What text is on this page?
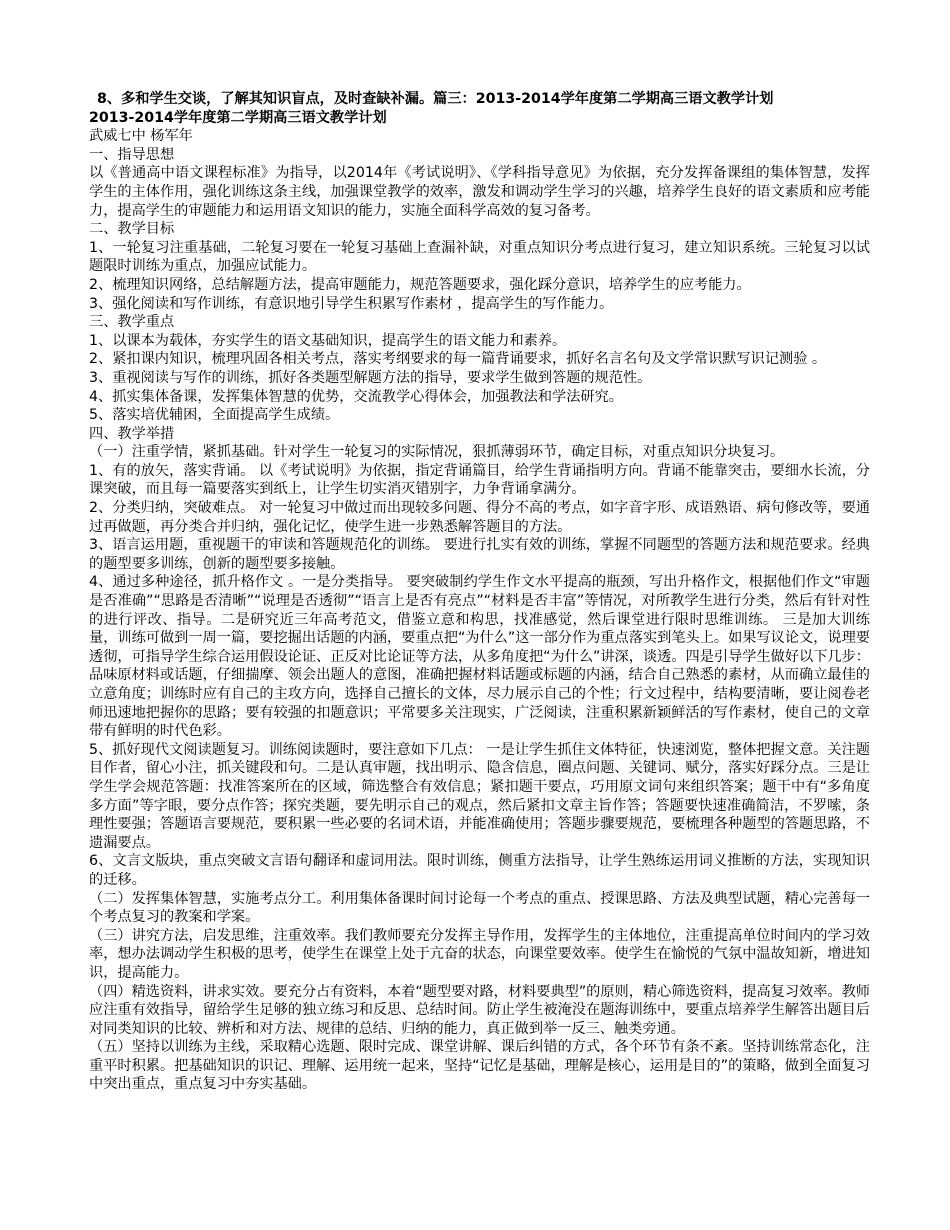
8、多和学生交谈，了解其知识盲点，及时查缺补漏。篇三：2013-2014学年度第二学期高三语文教学计划

2013-2014学年度第二学期高三语文教学计划

武威七中 杨军年

一、指导思想

以《普通高中语文课程标准》为指导，以2014年《考试说明》、《学科指导意见》为依据，充分发挥备课组的集体智慧，发挥学生的主体作用，强化训练这条主线，加强课堂教学的效率，激发和调动学生学习的兴趣，培养学生良好的语文素质和应考能力，提高学生的审题能力和运用语文知识的能力，实施全面科学高效的复习备考。

二、教学目标

1、一轮复习注重基础，二轮复习要在一轮复习基础上查漏补缺，对重点知识分考点进行复习，建立知识系统。三轮复习以试题限时训练为重点，加强应试能力。

2、梳理知识网络，总结解题方法，提高审题能力，规范答题要求，强化踩分意识，培养学生的应考能力。

3、强化阅读和写作训练，有意识地引导学生积累写作素材 ，提高学生的写作能力。

三、教学重点

1、以课本为载体，夯实学生的语文基础知识，提高学生的语文能力和素养。

2、紧扣课内知识，梳理巩固各相关考点，落实考纲要求的每一篇背诵要求，抓好名言名句及文学常识默写识记测验 。

3、重视阅读与写作的训练，抓好各类题型解题方法的指导，要求学生做到答题的规范性。

4、抓实集体备课，发挥集体智慧的优势，交流教学心得体会，加强教法和学法研究。

5、落实培优辅困，全面提高学生成绩。

四、教学举措

（一）注重学情，紧抓基础。针对学生一轮复习的实际情况，狠抓薄弱环节，确定目标，对重点知识分块复习。

1、有的放矢，落实背诵。 以《考试说明》为依据，指定背诵篇目，给学生背诵指明方向。背诵不能靠突击，要细水长流，分课突破，而且每一篇要落实到纸上，让学生切实消灭错别字，力争背诵拿满分。

2、分类归纳，突破难点。 对一轮复习中做过而出现较多问题、得分不高的考点，如字音字形、成语熟语、病句修改等，要通过再做题，再分类合并归纳，强化记忆，使学生进一步熟悉解答题目的方法。

3、语言运用题，重视题干的审读和答题规范化的训练。 要进行扎实有效的训练，掌握不同题型的答题方法和规范要求。经典的题型要多训练，创新的题型要多接触。

4、通过多种途径，抓升格作文 。一是分类指导。 要突破制约学生作文水平提高的瓶颈，写出升格作文，根据他们作文“审题是否准确”“思路是否清晰”“说理是否透彻”“语言上是否有亮点”“材料是否丰富”等情况，对所教学生进行分类，然后有针对性的进行评改、指导。二是研究近三年高考范文，借鉴立意和构思，找准感觉，然后课堂进行限时思维训练。 三是加大训练量，训练可做到一周一篇，要挖掘出话题的内涵，要重点把“为什么”这一部分作为重点落实到笔头上。如果写议论文，说理要透彻，可指导学生综合运用假设论证、正反对比论证等方法，从多角度把“为什么”讲深，谈透。四是引导学生做好以下几步：品味原材料或话题，仔细揣摩、领会出题人的意图，准确把握材料话题或标题的内涵，结合自己熟悉的素材，从而确立最佳的立意角度；训练时应有自己的主攻方向，选择自己擅长的文体，尽力展示自己的个性；行文过程中，结构要清晰，要让阅卷老师迅速地把握你的思路；要有较强的扣题意识；平常要多关注现实，广泛阅读，注重积累新颖鲜活的写作素材，使自己的文章带有鲜明的时代色彩。

5、抓好现代文阅读题复习。训练阅读题时，要注意如下几点： 一是让学生抓住文体特征，快速浏览，整体把握文意。关注题目作者，留心小注，抓关键段和句。二是认真审题，找出明示、隐含信息，圈点问题、关键词、赋分，落实好踩分点。三是让学生学会规范答题：找准答案所在的区域，筛选整合有效信息；紧扣题干要点，巧用原文词句来组织答案；题干中有“多角度多方面”等字眼，要分点作答；探究类题，要先明示自己的观点，然后紧扣文章主旨作答；答题要快速准确简洁，不罗嗦，条理性要强；答题语言要规范，要积累一些必要的名词术语，并能准确使用；答题步骤要规范，要梳理各种题型的答题思路，不遗漏要点。

6、文言文版块，重点突破文言语句翻译和虚词用法。限时训练，侧重方法指导，让学生熟练运用词义推断的方法，实现知识的迁移。

（二）发挥集体智慧，实施考点分工。利用集体备课时间讨论每一个考点的重点、授课思路、方法及典型试题，精心完善每一个考点复习的教案和学案。

（三）讲究方法，启发思维，注重效率。我们教师要充分发挥主导作用，发挥学生的主体地位，注重提高单位时间内的学习效率，想办法调动学生积极的思考，使学生在课堂上处于亢奋的状态，向课堂要效率。使学生在愉悦的气氛中温故知新，增进知识，提高能力。

（四）精选资料，讲求实效。要充分占有资料，本着“题型要对路，材料要典型”的原则，精心筛选资料，提高复习效率。教师应注重有效指导，留给学生足够的独立练习和反思、总结时间。防止学生被淹没在题海训练中，要重点培养学生解答出题目后对同类知识的比较、辨析和对方法、规律的总结、归纳的能力，真正做到举一反三、触类旁通。

（五）坚持以训练为主线，采取精心选题、限时完成、课堂讲解、课后纠错的方式，各个环节有条不紊。坚持训练常态化，注重平时积累。把基础知识的识记、理解、运用统一起来，坚持“记忆是基础，理解是核心，运用是目的”的策略，做到全面复习中突出重点，重点复习中夯实基础。
